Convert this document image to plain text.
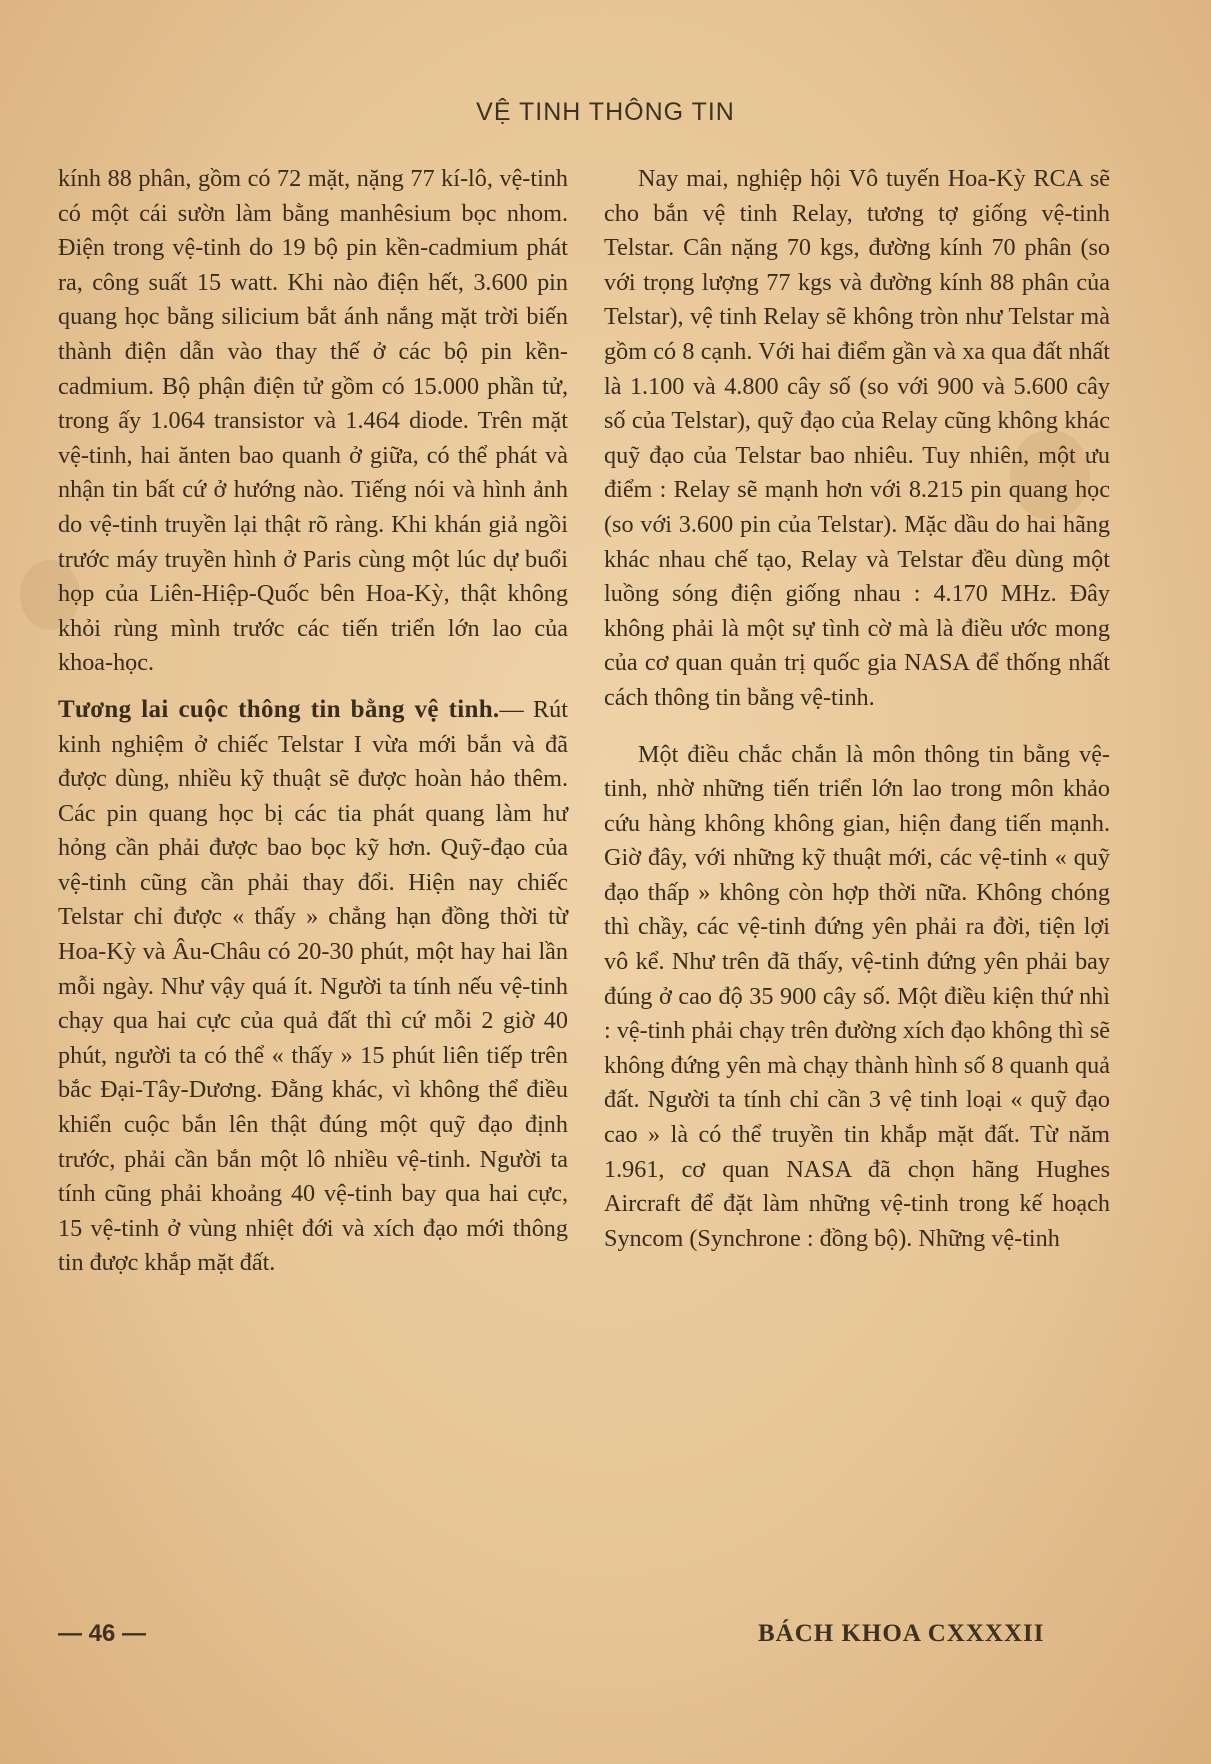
VỆ TINH THÔNG TIN

kính 88 phân, gồm có 72 mặt, nặng 77 kí-lô, vệ-tinh có một cái sườn làm bằng manhêsium bọc nhom. Điện trong vệ-tinh do 19 bộ pin kền-cadmium phát ra, công suất 15 watt. Khi nào điện hết, 3.600 pin quang học bằng silicium bắt ánh nắng mặt trời biến thành điện dẫn vào thay thế ở các bộ pin kền-cadmium. Bộ phận điện tử gồm có 15.000 phần tử, trong ấy 1.064 transistor và 1.464 diode. Trên mặt vệ-tinh, hai ănten bao quanh ở giữa, có thể phát và nhận tin bất cứ ở hướng nào. Tiếng nói và hình ảnh do vệ-tinh truyền lại thật rõ ràng. Khi khán giả ngồi trước máy truyền hình ở Paris cùng một lúc dự buổi họp của Liên-Hiệp-Quốc bên Hoa-Kỳ, thật không khỏi rùng mình trước các tiến triển lớn lao của khoa-học.

Tương lai cuộc thông tin bằng vệ tinh.— Rút kinh nghiệm ở chiếc Telstar I vừa mới bắn và đã được dùng, nhiều kỹ thuật sẽ được hoàn hảo thêm. Các pin quang học bị các tia phát quang làm hư hỏng cần phải được bao bọc kỹ hơn. Quỹ-đạo của vệ-tinh cũng cần phải thay đổi. Hiện nay chiếc Telstar chỉ được « thấy » chẳng hạn đồng thời từ Hoa-Kỳ và Âu-Châu có 20-30 phút, một hay hai lần mỗi ngày. Như vậy quá ít. Người ta tính nếu vệ-tinh chạy qua hai cực của quả đất thì cứ mỗi 2 giờ 40 phút, người ta có thể « thấy » 15 phút liên tiếp trên bắc Đại-Tây-Dương. Đằng khác, vì không thể điều khiển cuộc bắn lên thật đúng một quỹ đạo định trước, phải cần bắn một lô nhiều vệ-tinh. Người ta tính cũng phải khoảng 40 vệ-tinh bay qua hai cực, 15 vệ-tinh ở vùng nhiệt đới và xích đạo mới thông tin được khắp mặt đất.

Nay mai, nghiệp hội Vô tuyến Hoa-Kỳ RCA sẽ cho bắn vệ tinh Relay, tương tợ giống vệ-tinh Telstar. Cân nặng 70 kgs, đường kính 70 phân (so với trọng lượng 77 kgs và đường kính 88 phân của Telstar), vệ tinh Relay sẽ không tròn như Telstar mà gồm có 8 cạnh. Với hai điểm gần và xa qua đất nhất là 1.100 và 4.800 cây số (so với 900 và 5.600 cây số của Telstar), quỹ đạo của Relay cũng không khác quỹ đạo của Telstar bao nhiêu. Tuy nhiên, một ưu điểm : Relay sẽ mạnh hơn với 8.215 pin quang học (so với 3.600 pin của Telstar). Mặc dầu do hai hãng khác nhau chế tạo, Relay và Telstar đều dùng một luồng sóng điện giống nhau : 4.170 MHz. Đây không phải là một sự tình cờ mà là điều ước mong của cơ quan quản trị quốc gia NASA để thống nhất cách thông tin bằng vệ-tinh.

Một điều chắc chắn là môn thông tin bằng vệ-tinh, nhờ những tiến triển lớn lao trong môn khảo cứu hàng không không gian, hiện đang tiến mạnh. Giờ đây, với những kỹ thuật mới, các vệ-tinh « quỹ đạo thấp » không còn hợp thời nữa. Không chóng thì chầy, các vệ-tinh đứng yên phải ra đời, tiện lợi vô kể. Như trên đã thấy, vệ-tinh đứng yên phải bay đúng ở cao độ 35 900 cây số. Một điều kiện thứ nhì : vệ-tinh phải chạy trên đường xích đạo không thì sẽ không đứng yên mà chạy thành hình số 8 quanh quả đất. Người ta tính chỉ cần 3 vệ tinh loại « quỹ đạo cao » là có thể truyền tin khắp mặt đất. Từ năm 1.961, cơ quan NASA đã chọn hãng Hughes Aircraft để đặt làm những vệ-tinh trong kế hoạch Syncom (Synchrone : đồng bộ). Những vệ-tinh

— 46 —	BÁCH KHOA CXXXXII
